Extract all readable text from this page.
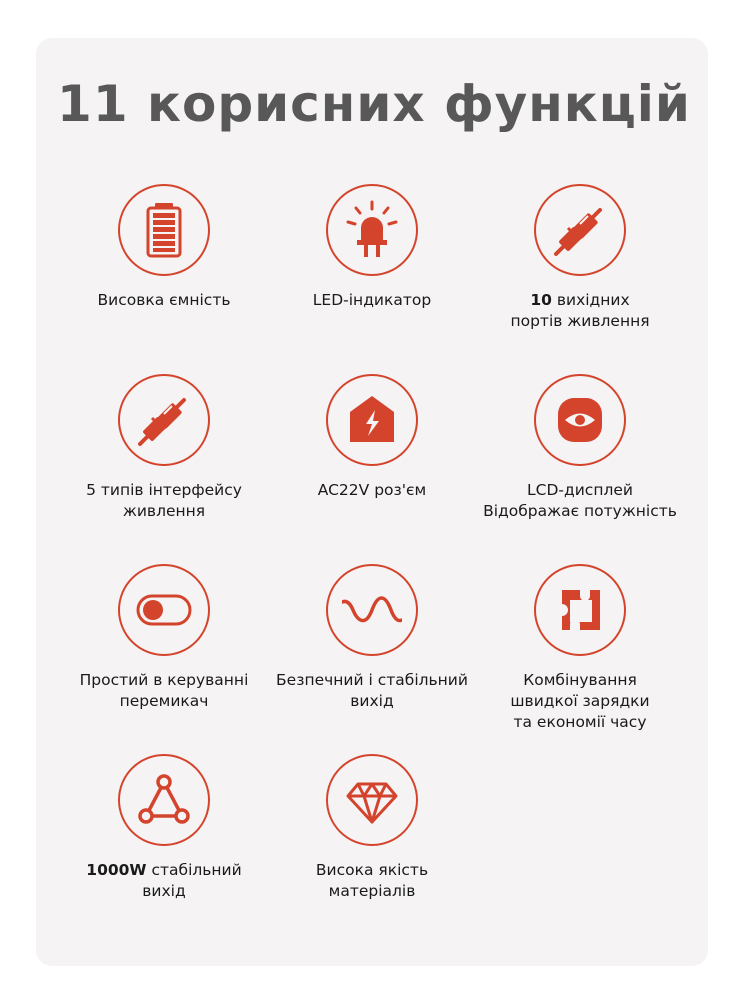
11 корисних функцій

Висовка ємність	LED-індикатор	10 вихідних
портів живлення

5 типів інтерфейсу
живлення

AC22V роз'єм	LCD-дисплей
Відображає потужність

Простий в керуванні
перемикач

Безпечний і стабільний
вихід

Комбінування
швидкої зарядки
та економії часу

1000W стабільний
вихід

Висока якість
матеріалів
